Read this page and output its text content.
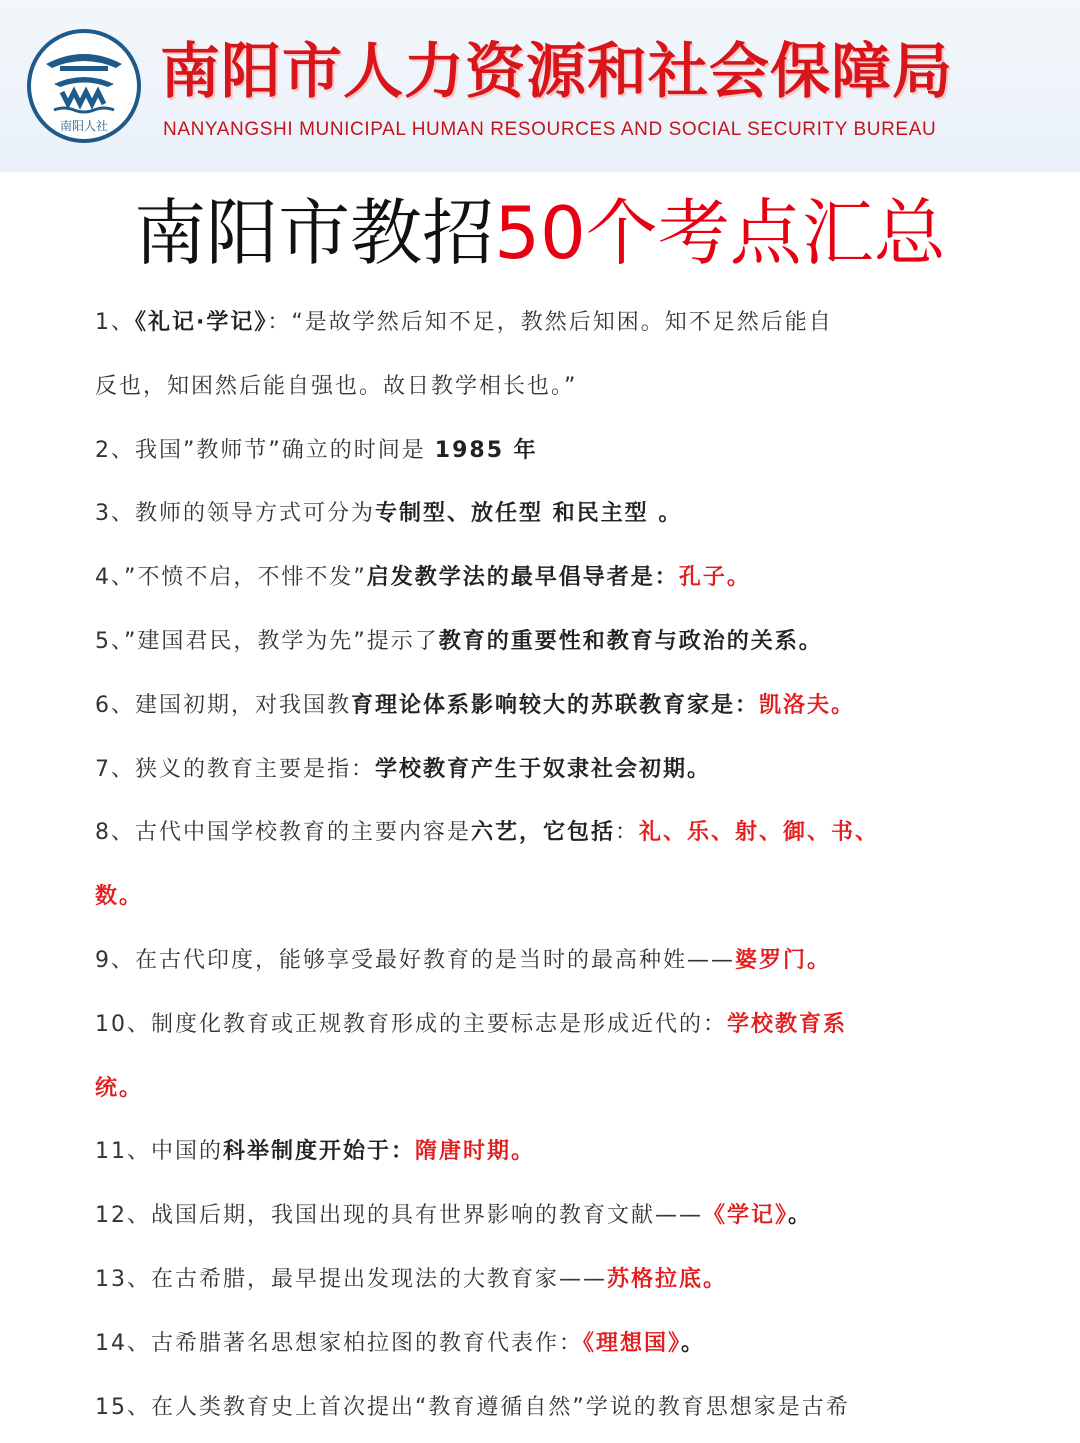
南阳人社
南阳市人力资源和社会保障局
NANYANGSHI MUNICIPAL HUMAN RESOURCES AND SOCIAL SECURITY BUREAU
南阳市教招50个考点汇总
1、《礼记·学记》：“是故学然后知不足，教然后知困。知不足然后能自
反也，知困然后能自强也。故日教学相长也。”
2、我国”教师节”确立的时间是 1985 年
3、教师的领导方式可分为专制型、放任型 和民主型 。
4、”不愤不启，不悱不发”启发教学法的最早倡导者是：孔子。
5、”建国君民，教学为先”提示了教育的重要性和教育与政治的关系。
6、建国初期，对我国教育理论体系影响较大的苏联教育家是：凯洛夫。
7、狭义的教育主要是指：学校教育产生于奴隶社会初期。
8、古代中国学校教育的主要内容是六艺，它包括：礼、乐、射、御、书、
数。
9、在古代印度，能够享受最好教育的是当时的最高种姓——婆罗门。
10、制度化教育或正规教育形成的主要标志是形成近代的：学校教育系
统。
11、中国的科举制度开始于：隋唐时期。
12、战国后期，我国出现的具有世界影响的教育文献——《学记》。
13、在古希腊，最早提出发现法的大教育家——苏格拉底。
14、古希腊著名思想家柏拉图的教育代表作：《理想国》。
15、在人类教育史上首次提出“教育遵循自然”学说的教育思想家是古希
